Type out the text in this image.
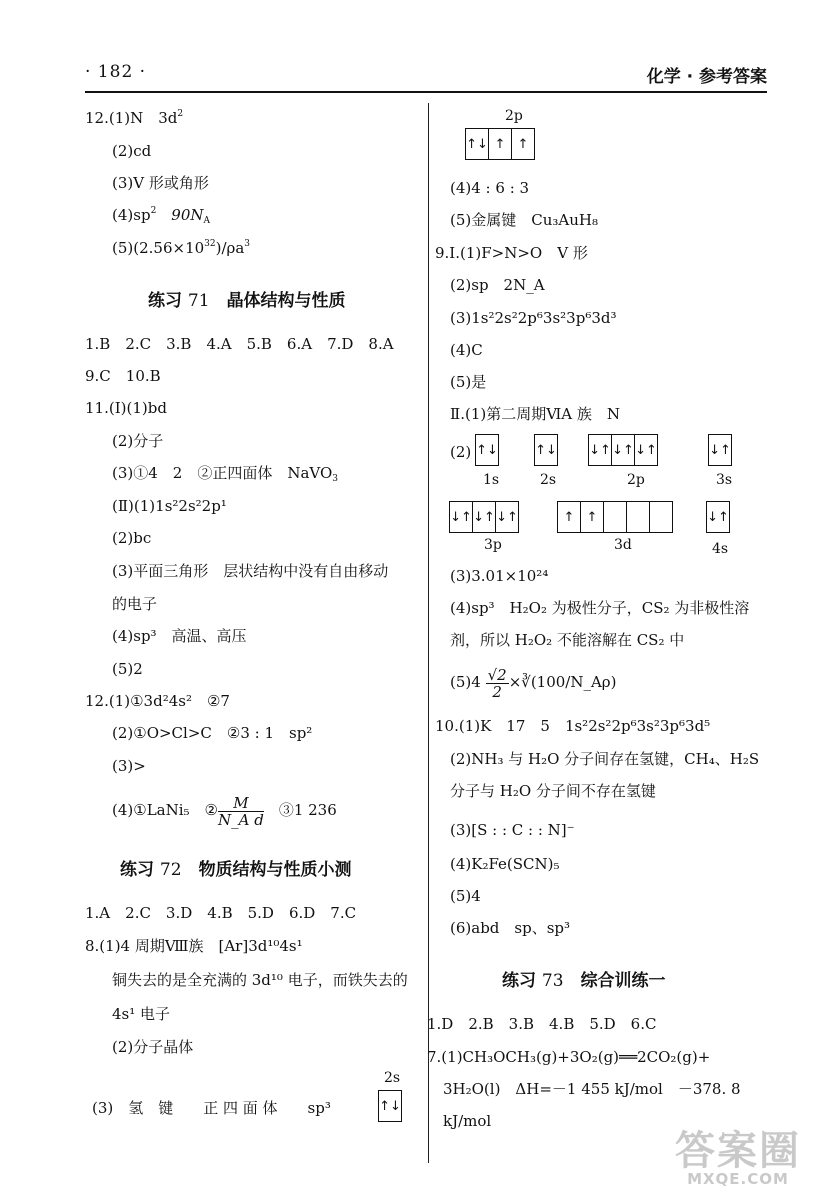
· 182 ·	化学 · 参考答案
12.(1)N　$3d^2$
(2)cd
(3)V 形或角形
$(4)sp^2$　$90N_A$
$(5)(2.56\times 10^{32})/\rho a^3$
练习 71　 晶体结构与性质
1.B　2.C　3.B　4.A　5.B　6.A　7.D　8.A
9.C　10.B
11.(Ⅰ)(1)bd
(2)分子
(3)①4　2　②正四面体　NaVO$_3$
(Ⅱ)(1)1s²2s²2p¹
(2)bc
(3)平面三角形　层状结构中没有自由移动
的电子
(4)sp³　高温、高压
(5)2
12.(1)①3d²4s²　②7
(2)①O>Cl>C　②3 : 1　sp²
(3)>
(4)①LaNi₅　② $\frac{M}{\text{N\_A d}}$ 　③1 236
练习 72　 物质结构与性质小测
1.A　2.C　3.D　4.B　5.D　6.D　7.C
8.(1)4 周期Ⅷ族　[Ar]3d¹⁰4s¹
铜失去的是全充满的 3d¹⁰ 电子，而铁失去的
4s¹ 电子
(2)分子晶体
(3)　氢　键　　正 四 面 体　　sp³
2s
↑↓
2p
↑↓ ↑ ↑
(4)4 : 6 : 3
(5)金属键　Cu₃AuH₈
9.Ⅰ.(1)F>N>O　V 形
(2)sp　2N_A
(3)1s²2s²2p⁶3s²3p⁶3d³
(4)C
(5)是
Ⅱ.(1)第二周期ⅥA 族　N
(2) ↑↓
1s
↑↓
2s
↓↑ ↓↑ ↓↑
2p
↓↑
3s
↓↑ ↓↑ ↓↑
3p
↑ ↑
3d
↓↑
4s
(3)3.01×10²⁴
(4)sp³　H₂O₂ 为极性分子，CS₂ 为非极性溶
剂，所以 H₂O₂ 不能溶解在 CS₂ 中
$(5)4 \frac{√2}{2}$ ×∛(100/N_Aρ)
10.(1)K　17　5　1s²2s²2p⁶3s²3p⁶3d⁵
(2)NH₃ 与 H₂O 分子间存在氢键，CH₄、H₂S
分子与 H₂O 分子间不存在氢键
(3)[S : : C : : N]⁻
(4)K₂Fe(SCN)₅
(5)4
(6)abd　sp、sp³
练习 73　 综合训练一
1.D　2.B　3.B　4.B　5.D　6.C
7.(1)CH₃OCH₃(g)+3O₂(g)══2CO₂(g)+
3H₂O(l)　ΔH=－1 455 kJ/mol　－378. 8
kJ/mol
答案圈
MXQE.COM
